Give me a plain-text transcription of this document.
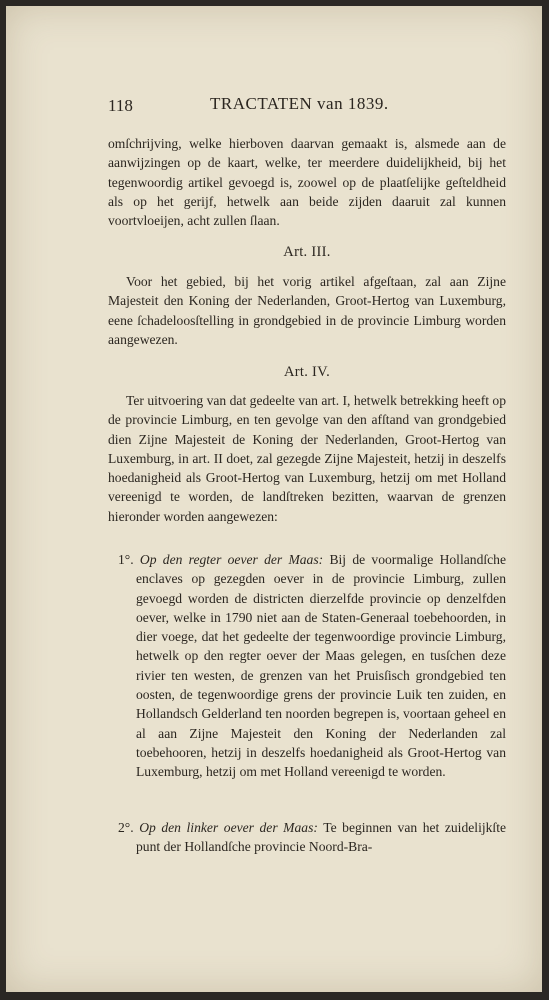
118	TRACTATEN van 1839.

omſchrijving, welke hierboven daarvan gemaakt is, alsmede aan de aanwijzingen op de kaart, welke, ter meerdere duidelijkheid, bij het tegenwoordig artikel gevoegd is, zoowel op de plaatſelijke geſteldheid als op het gerijf, hetwelk aan beide zijden daaruit zal kunnen voortvloeijen, acht zullen ſlaan.

Art. III.

Voor het gebied, bij het vorig artikel afgeſtaan, zal aan Zijne Majesteit den Koning der Nederlanden, Groot-Hertog van Luxemburg, eene ſchadeloosſtelling in grondgebied in de provincie Limburg worden aangewezen.

Art. IV.

Ter uitvoering van dat gedeelte van art. I, hetwelk betrekking heeft op de provincie Limburg, en ten gevolge van den afſtand van grondgebied dien Zijne Majesteit de Koning der Nederlanden, Groot-Hertog van Luxemburg, in art. II doet, zal gezegde Zijne Majesteit, hetzij in deszelfs hoedanigheid als Groot-Hertog van Luxemburg, hetzij om met Holland vereenigd te worden, de landſtreken bezitten, waarvan de grenzen hieronder worden aangewezen:

1°. Op den regter oever der Maas: Bij de voormalige Hollandſche enclaves op gezegden oever in de provincie Limburg, zullen gevoegd worden de districten dierzelfde provincie op denzelfden oever, welke in 1790 niet aan de Staten-Generaal toebehoorden, in dier voege, dat het gedeelte der tegenwoordige provincie Limburg, hetwelk op den regter oever der Maas gelegen, en tusſchen deze rivier ten westen, de grenzen van het Pruisſisch grondgebied ten oosten, de tegenwoordige grens der provincie Luik ten zuiden, en Hollandsch Gelderland ten noorden begrepen is, voortaan geheel en al aan Zijne Majesteit den Koning der Nederlanden zal toebehooren, hetzij in deszelfs hoedanigheid als Groot-Hertog van Luxemburg, hetzij om met Holland vereenigd te worden.

2°. Op den linker oever der Maas: Te beginnen van het zuidelijkſte punt der Hollandſche provincie Noord-Bra-
